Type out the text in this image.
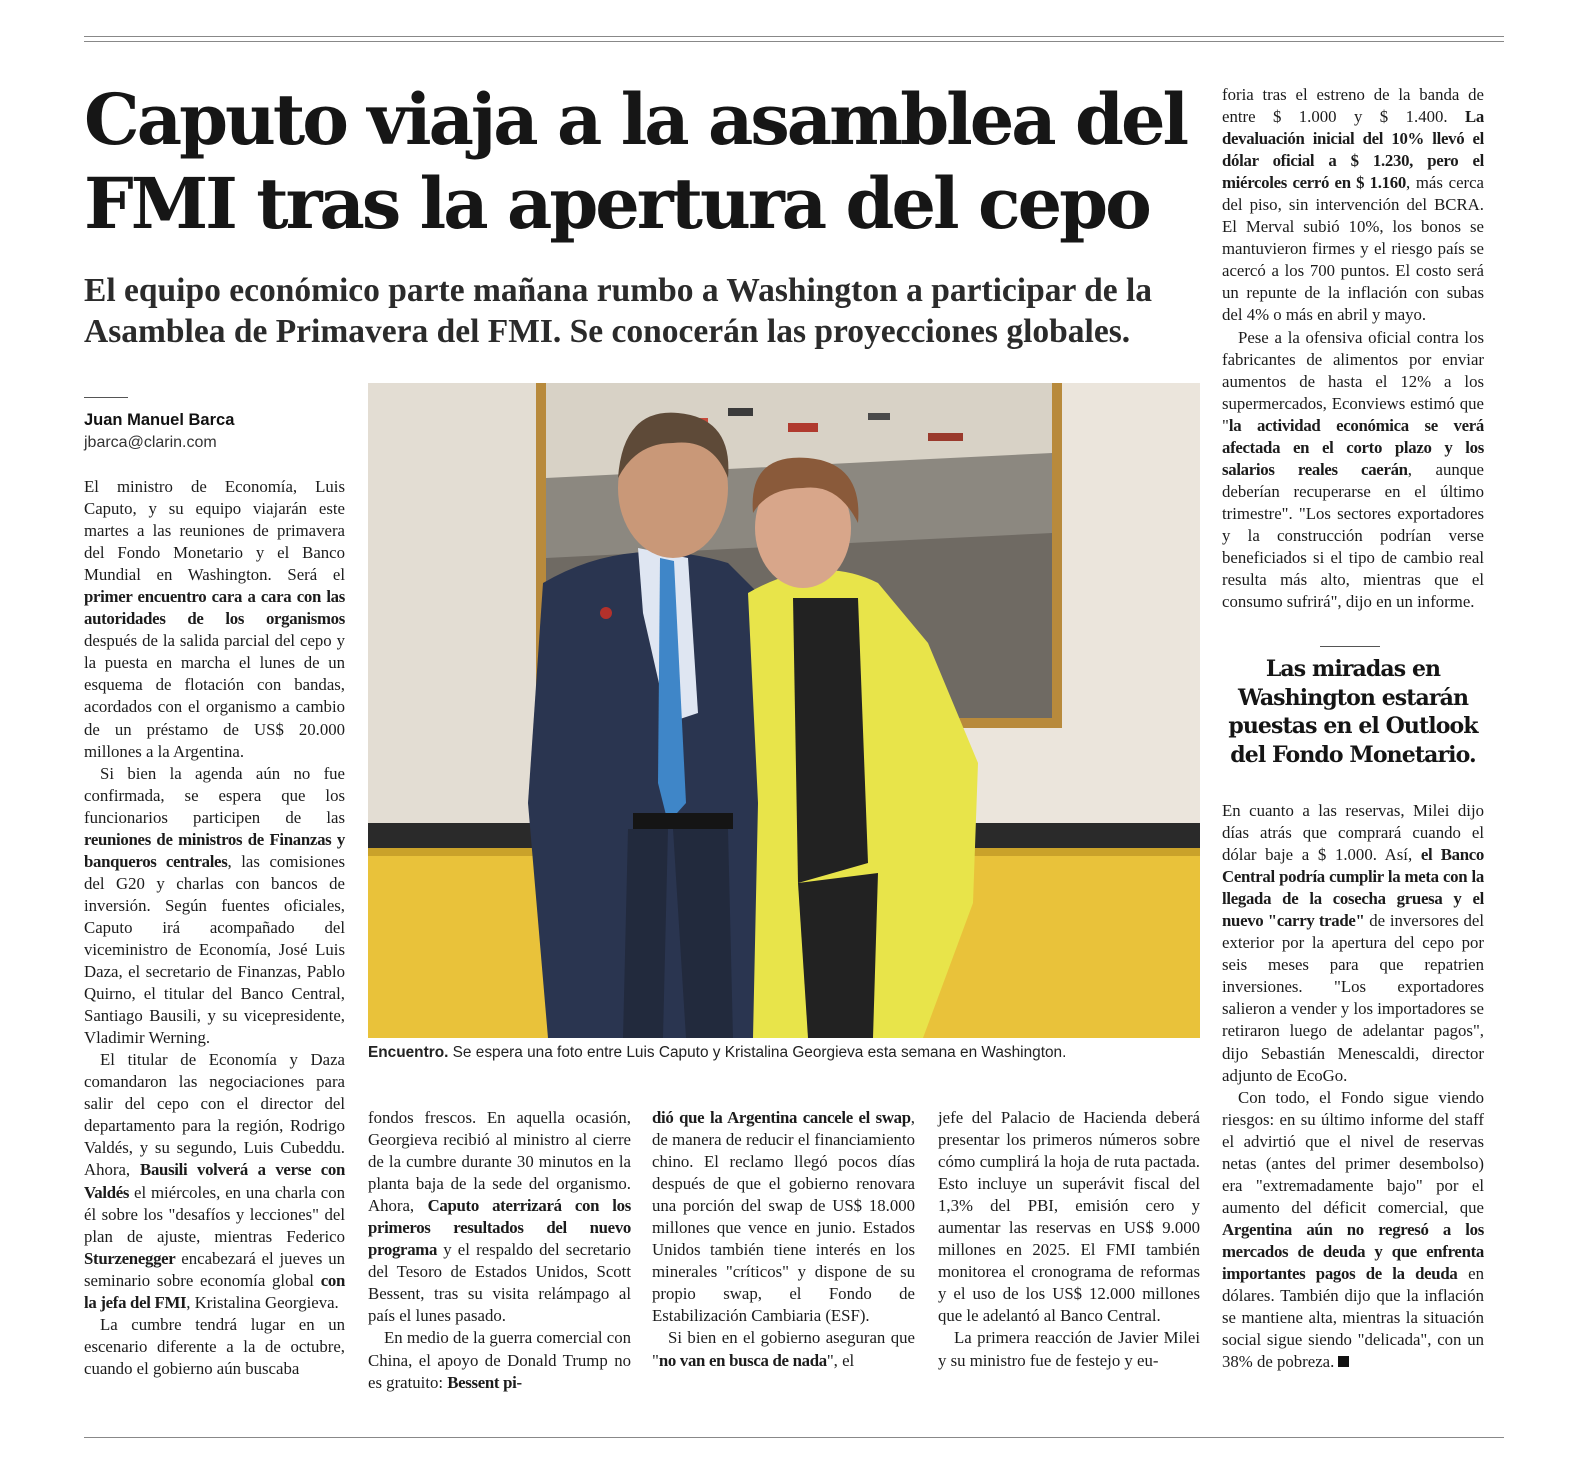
Caputo viaja a la asamblea del FMI tras la apertura del cepo
El equipo económico parte mañana rumbo a Washington a participar de la Asamblea de Primavera del FMI. Se conocerán las proyecciones globales.
Juan Manuel Barca
jbarca@clarin.com

El ministro de Economía, Luis Caputo, y su equipo viajarán este martes a las reuniones de primavera del Fondo Monetario y el Banco Mundial en Washington. Será el primer encuentro cara a cara con las autoridades de los organismos después de la salida parcial del cepo y la puesta en marcha el lunes de un esquema de flotación con bandas, acordados con el organismo a cambio de un préstamo de US$ 20.000 millones a la Argentina.

Si bien la agenda aún no fue confirmada, se espera que los funcionarios participen de las reuniones de ministros de Finanzas y banqueros centrales, las comisiones del G20 y charlas con bancos de inversión. Según fuentes oficiales, Caputo irá acompañado del viceministro de Economía, José Luis Daza, el secretario de Finanzas, Pablo Quirno, el titular del Banco Central, Santiago Bausili, y su vicepresidente, Vladimir Werning.

El titular de Economía y Daza comandaron las negociaciones para salir del cepo con el director del departamento para la región, Rodrigo Valdés, y su segundo, Luis Cubeddu. Ahora, Bausili volverá a verse con Valdés el miércoles, en una charla con él sobre los "desafíos y lecciones" del plan de ajuste, mientras Federico Sturzenegger encabezará el jueves un seminario sobre economía global con la jefa del FMI, Kristalina Georgieva.

La cumbre tendrá lugar en un escenario diferente a la de octubre, cuando el gobierno aún buscaba

Encuentro. Se espera una foto entre Luis Caputo y Kristalina Georgieva esta semana en Washington.

fondos frescos. En aquella ocasión, Georgieva recibió al ministro al cierre de la cumbre durante 30 minutos en la planta baja de la sede del organismo. Ahora, Caputo aterrizará con los primeros resultados del nuevo programa y el respaldo del secretario del Tesoro de Estados Unidos, Scott Bessent, tras su visita relámpago al país el lunes pasado.

En medio de la guerra comercial con China, el apoyo de Donald Trump no es gratuito: Bessent pi-

dió que la Argentina cancele el swap, de manera de reducir el financiamiento chino. El reclamo llegó pocos días después de que el gobierno renovara una porción del swap de US$ 18.000 millones que vence en junio. Estados Unidos también tiene interés en los minerales "críticos" y dispone de su propio swap, el Fondo de Estabilización Cambiaria (ESF).

Si bien en el gobierno aseguran que "no van en busca de nada", el

jefe del Palacio de Hacienda deberá presentar los primeros números sobre cómo cumplirá la hoja de ruta pactada. Esto incluye un superávit fiscal del 1,3% del PBI, emisión cero y aumentar las reservas en US$ 9.000 millones en 2025. El FMI también monitorea el cronograma de reformas y el uso de los US$ 12.000 millones que le adelantó al Banco Central.

La primera reacción de Javier Milei y su ministro fue de festejo y eu-

foria tras el estreno de la banda de entre $ 1.000 y $ 1.400. La devaluación inicial del 10% llevó el dólar oficial a $ 1.230, pero el miércoles cerró en $ 1.160, más cerca del piso, sin intervención del BCRA. El Merval subió 10%, los bonos se mantuvieron firmes y el riesgo país se acercó a los 700 puntos. El costo será un repunte de la inflación con subas del 4% o más en abril y mayo.

Pese a la ofensiva oficial contra los fabricantes de alimentos por enviar aumentos de hasta el 12% a los supermercados, Econviews estimó que "la actividad económica se verá afectada en el corto plazo y los salarios reales caerán, aunque deberían recuperarse en el último trimestre". "Los sectores exportadores y la construcción podrían verse beneficiados si el tipo de cambio real resulta más alto, mientras que el consumo sufrirá", dijo en un informe.

Las miradas en Washington estarán puestas en el Outlook del Fondo Monetario.

En cuanto a las reservas, Milei dijo días atrás que comprará cuando el dólar baje a $ 1.000. Así, el Banco Central podría cumplir la meta con la llegada de la cosecha gruesa y el nuevo "carry trade" de inversores del exterior por la apertura del cepo por seis meses para que repatrien inversiones. "Los exportadores salieron a vender y los importadores se retiraron luego de adelantar pagos", dijo Sebastián Menescaldi, director adjunto de EcoGo.

Con todo, el Fondo sigue viendo riesgos: en su último informe del staff el advirtió que el nivel de reservas netas (antes del primer desembolso) era "extremadamente bajo" por el aumento del déficit comercial, que Argentina aún no regresó a los mercados de deuda y que enfrenta importantes pagos de la deuda en dólares. También dijo que la inflación se mantiene alta, mientras la situación social sigue siendo "delicada", con un 38% de pobreza.
